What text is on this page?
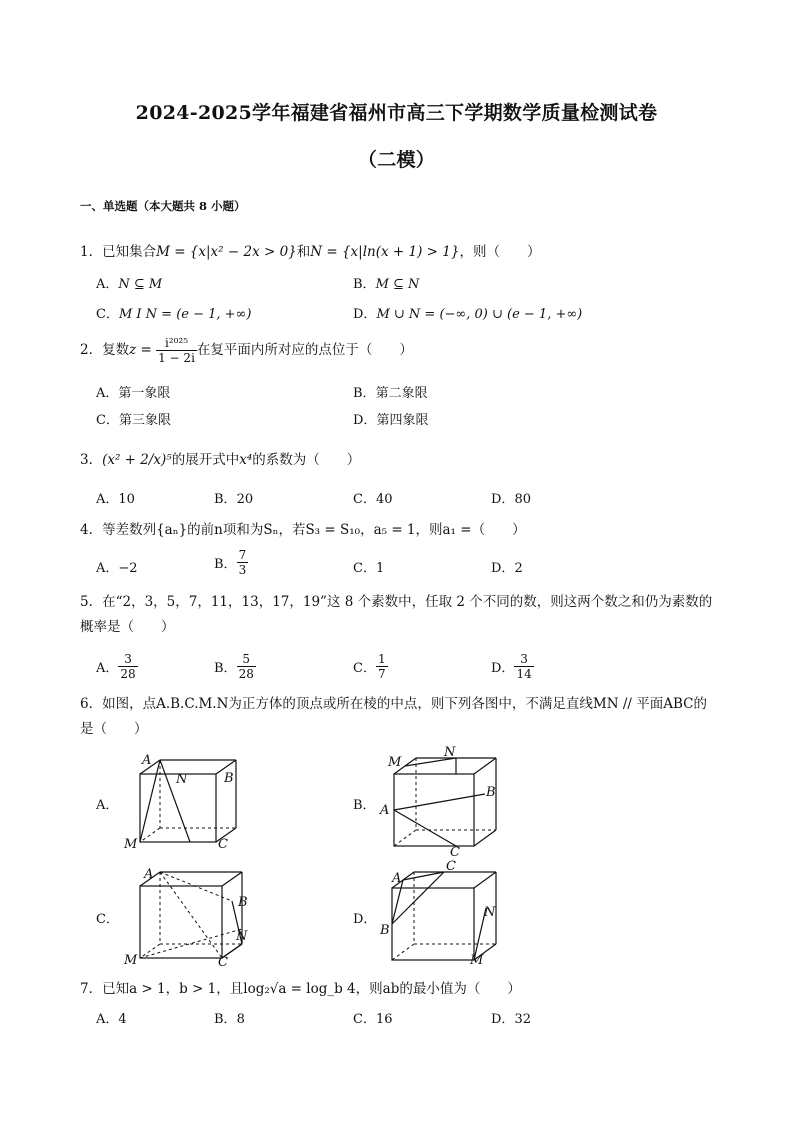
2024-2025学年福建省福州市高三下学期数学质量检测试卷
（二模）
一、单选题（本大题共 8 小题）
1．已知集合M = {x|x² − 2x > 0}和N = {x|ln(x + 1) > 1}，则（　　）
A．N ⊆ M	B．M ⊆ N
C．M I N = (e − 1, +∞)	D．M ∪ N = (−∞, 0) ∪ (e − 1, +∞)
2．复数$z = \frac{\text{i²⁰²⁵}}{1 - 2i}$ 在复平面内所对应的点位于（　　）
A．第一象限	B．第二象限
C．第三象限	D．第四象限
3．(x² + 2/x)⁵的展开式中x⁴的系数为（　　）
A．10	B．20	C．40	D．80
4．等差数列{aₙ}的前n项和为Sₙ，若S₃ = S₁₀，a₅ = 1，则a₁ =（　　）
A．−2	B． $\frac{7}{3}$	C．1	D．2
5．在“2，3，5，7，11，13，17，19”这 8 个素数中，任取 2 个不同的数，则这两个数之和仍为素数的概率是（　　）
A． $\frac{3}{28}$	B． $\frac{5}{28}$	C． $\frac{1}{7}$	D． $\frac{3}{14}$
6．如图，点A.B.C.M.N为正方体的顶点或所在棱的中点，则下列各图中，不满足直线MN // 平面ABC的是（　　）
A．
A
N	B
M	C
B．
M
N
B
A
C
C．
A
B
N
M	C
D．
A
C
B
N
M
7．已知a > 1，b > 1，且log₂√a = log_b 4，则ab的最小值为（　　）
A．4	B．8	C．16	D．32
